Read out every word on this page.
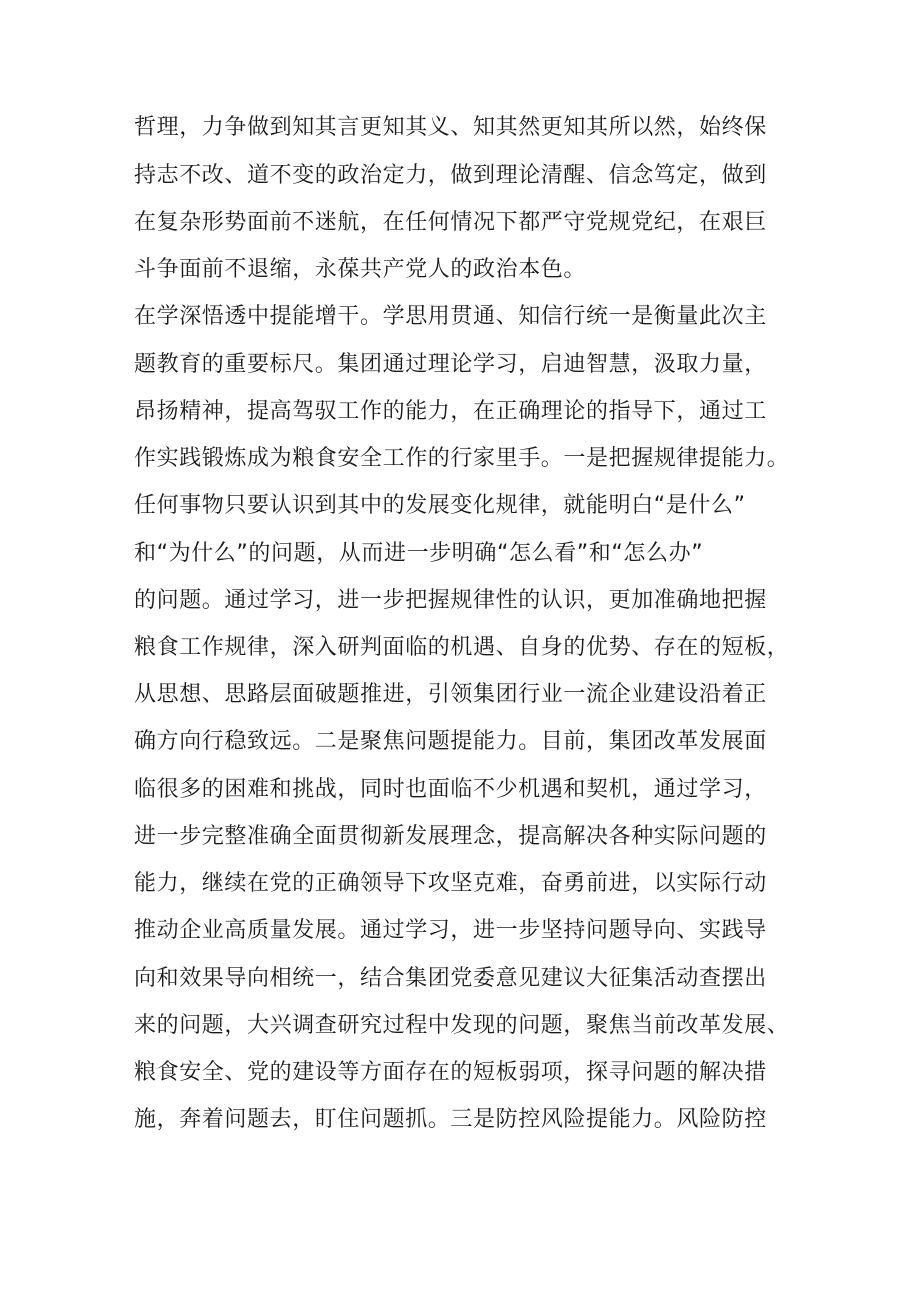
哲理，力争做到知其言更知其义、知其然更知其所以然，始终保
持志不改、道不变的政治定力，做到理论清醒、信念笃定，做到
在复杂形势面前不迷航，在任何情况下都严守党规党纪，在艰巨
斗争面前不退缩，永葆共产党人的政治本色。
在学深悟透中提能增干。学思用贯通、知信行统一是衡量此次主
题教育的重要标尺。集团通过理论学习，启迪智慧，汲取力量，
昂扬精神，提高驾驭工作的能力，在正确理论的指导下，通过工
作实践锻炼成为粮食安全工作的行家里手。一是把握规律提能力。
任何事物只要认识到其中的发展变化规律，就能明白“是什么”
和“为什么”的问题，从而进一步明确“怎么看”和“怎么办”
的问题。通过学习，进一步把握规律性的认识，更加准确地把握
粮食工作规律，深入研判面临的机遇、自身的优势、存在的短板，
从思想、思路层面破题推进，引领集团行业一流企业建设沿着正
确方向行稳致远。二是聚焦问题提能力。目前，集团改革发展面
临很多的困难和挑战，同时也面临不少机遇和契机，通过学习，
进一步完整准确全面贯彻新发展理念，提高解决各种实际问题的
能力，继续在党的正确领导下攻坚克难，奋勇前进，以实际行动
推动企业高质量发展。通过学习，进一步坚持问题导向、实践导
向和效果导向相统一，结合集团党委意见建议大征集活动查摆出
来的问题，大兴调查研究过程中发现的问题，聚焦当前改革发展、
粮食安全、党的建设等方面存在的短板弱项，探寻问题的解决措
施，奔着问题去，盯住问题抓。三是防控风险提能力。风险防控
